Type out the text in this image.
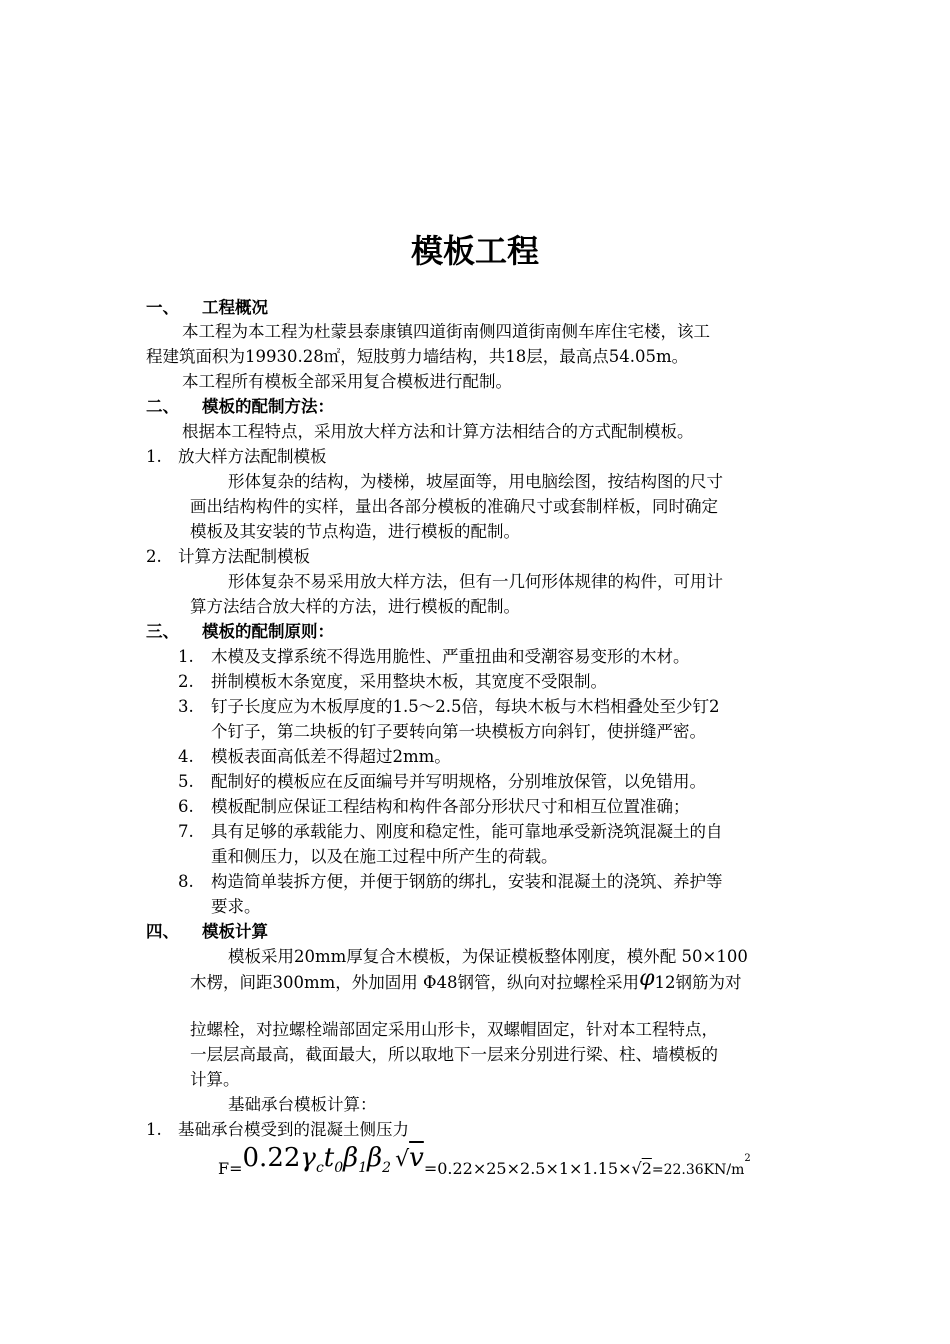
模板工程
一、 工程概况
本工程为本工程为杜蒙县泰康镇四道街南侧四道街南侧车库住宅楼，该工
程建筑面积为19930.28㎡，短肢剪力墙结构，共18层，最高点54.05m。
本工程所有模板全部采用复合模板进行配制。
二、 模板的配制方法：
根据本工程特点，采用放大样方法和计算方法相结合的方式配制模板。
1. 放大样方法配制模板
形体复杂的结构，为楼梯，坡屋面等，用电脑绘图，按结构图的尺寸
画出结构构件的实样，量出各部分模板的准确尺寸或套制样板，同时确定
模板及其安装的节点构造，进行模板的配制。
2. 计算方法配制模板
形体复杂不易采用放大样方法，但有一几何形体规律的构件，可用计
算方法结合放大样的方法，进行模板的配制。
三、 模板的配制原则：
1. 木模及支撑系统不得选用脆性、严重扭曲和受潮容易变形的木材。
2. 拼制模板木条宽度，采用整块木板，其宽度不受限制。
3. 钉子长度应为木板厚度的1.5～2.5倍，每块木板与木档相叠处至少钉2
个钉子，第二块板的钉子要转向第一块模板方向斜钉，使拼缝严密。
4. 模板表面高低差不得超过2mm。
5. 配制好的模板应在反面编号并写明规格，分别堆放保管，以免错用。
6. 模板配制应保证工程结构和构件各部分形状尺寸和相互位置准确；
7. 具有足够的承载能力、刚度和稳定性，能可靠地承受新浇筑混凝土的自
重和侧压力，以及在施工过程中所产生的荷载。
8. 构造简单装拆方便，并便于钢筋的绑扎，安装和混凝土的浇筑、养护等
要求。
四、 模板计算
模板采用20mm厚复合木模板，为保证模板整体刚度，模外配 50×100
木楞，间距300mm，外加固用 Φ48钢管，纵向对拉螺栓采用φ12钢筋为对
拉螺栓，对拉螺栓端部固定采用山形卡，双螺帽固定，针对本工程特点，
一层层高最高，截面最大，所以取地下一层来分别进行梁、柱、墙模板的
计算。
基础承台模板计算：
1. 基础承台模受到的混凝土侧压力
$F=0.22\gamma_ct_0\beta_1\beta_2$ $√v=0.22\times 25\times 2.5\times 1\times 1.15\times√2_{=22.36KN/m}^2$
